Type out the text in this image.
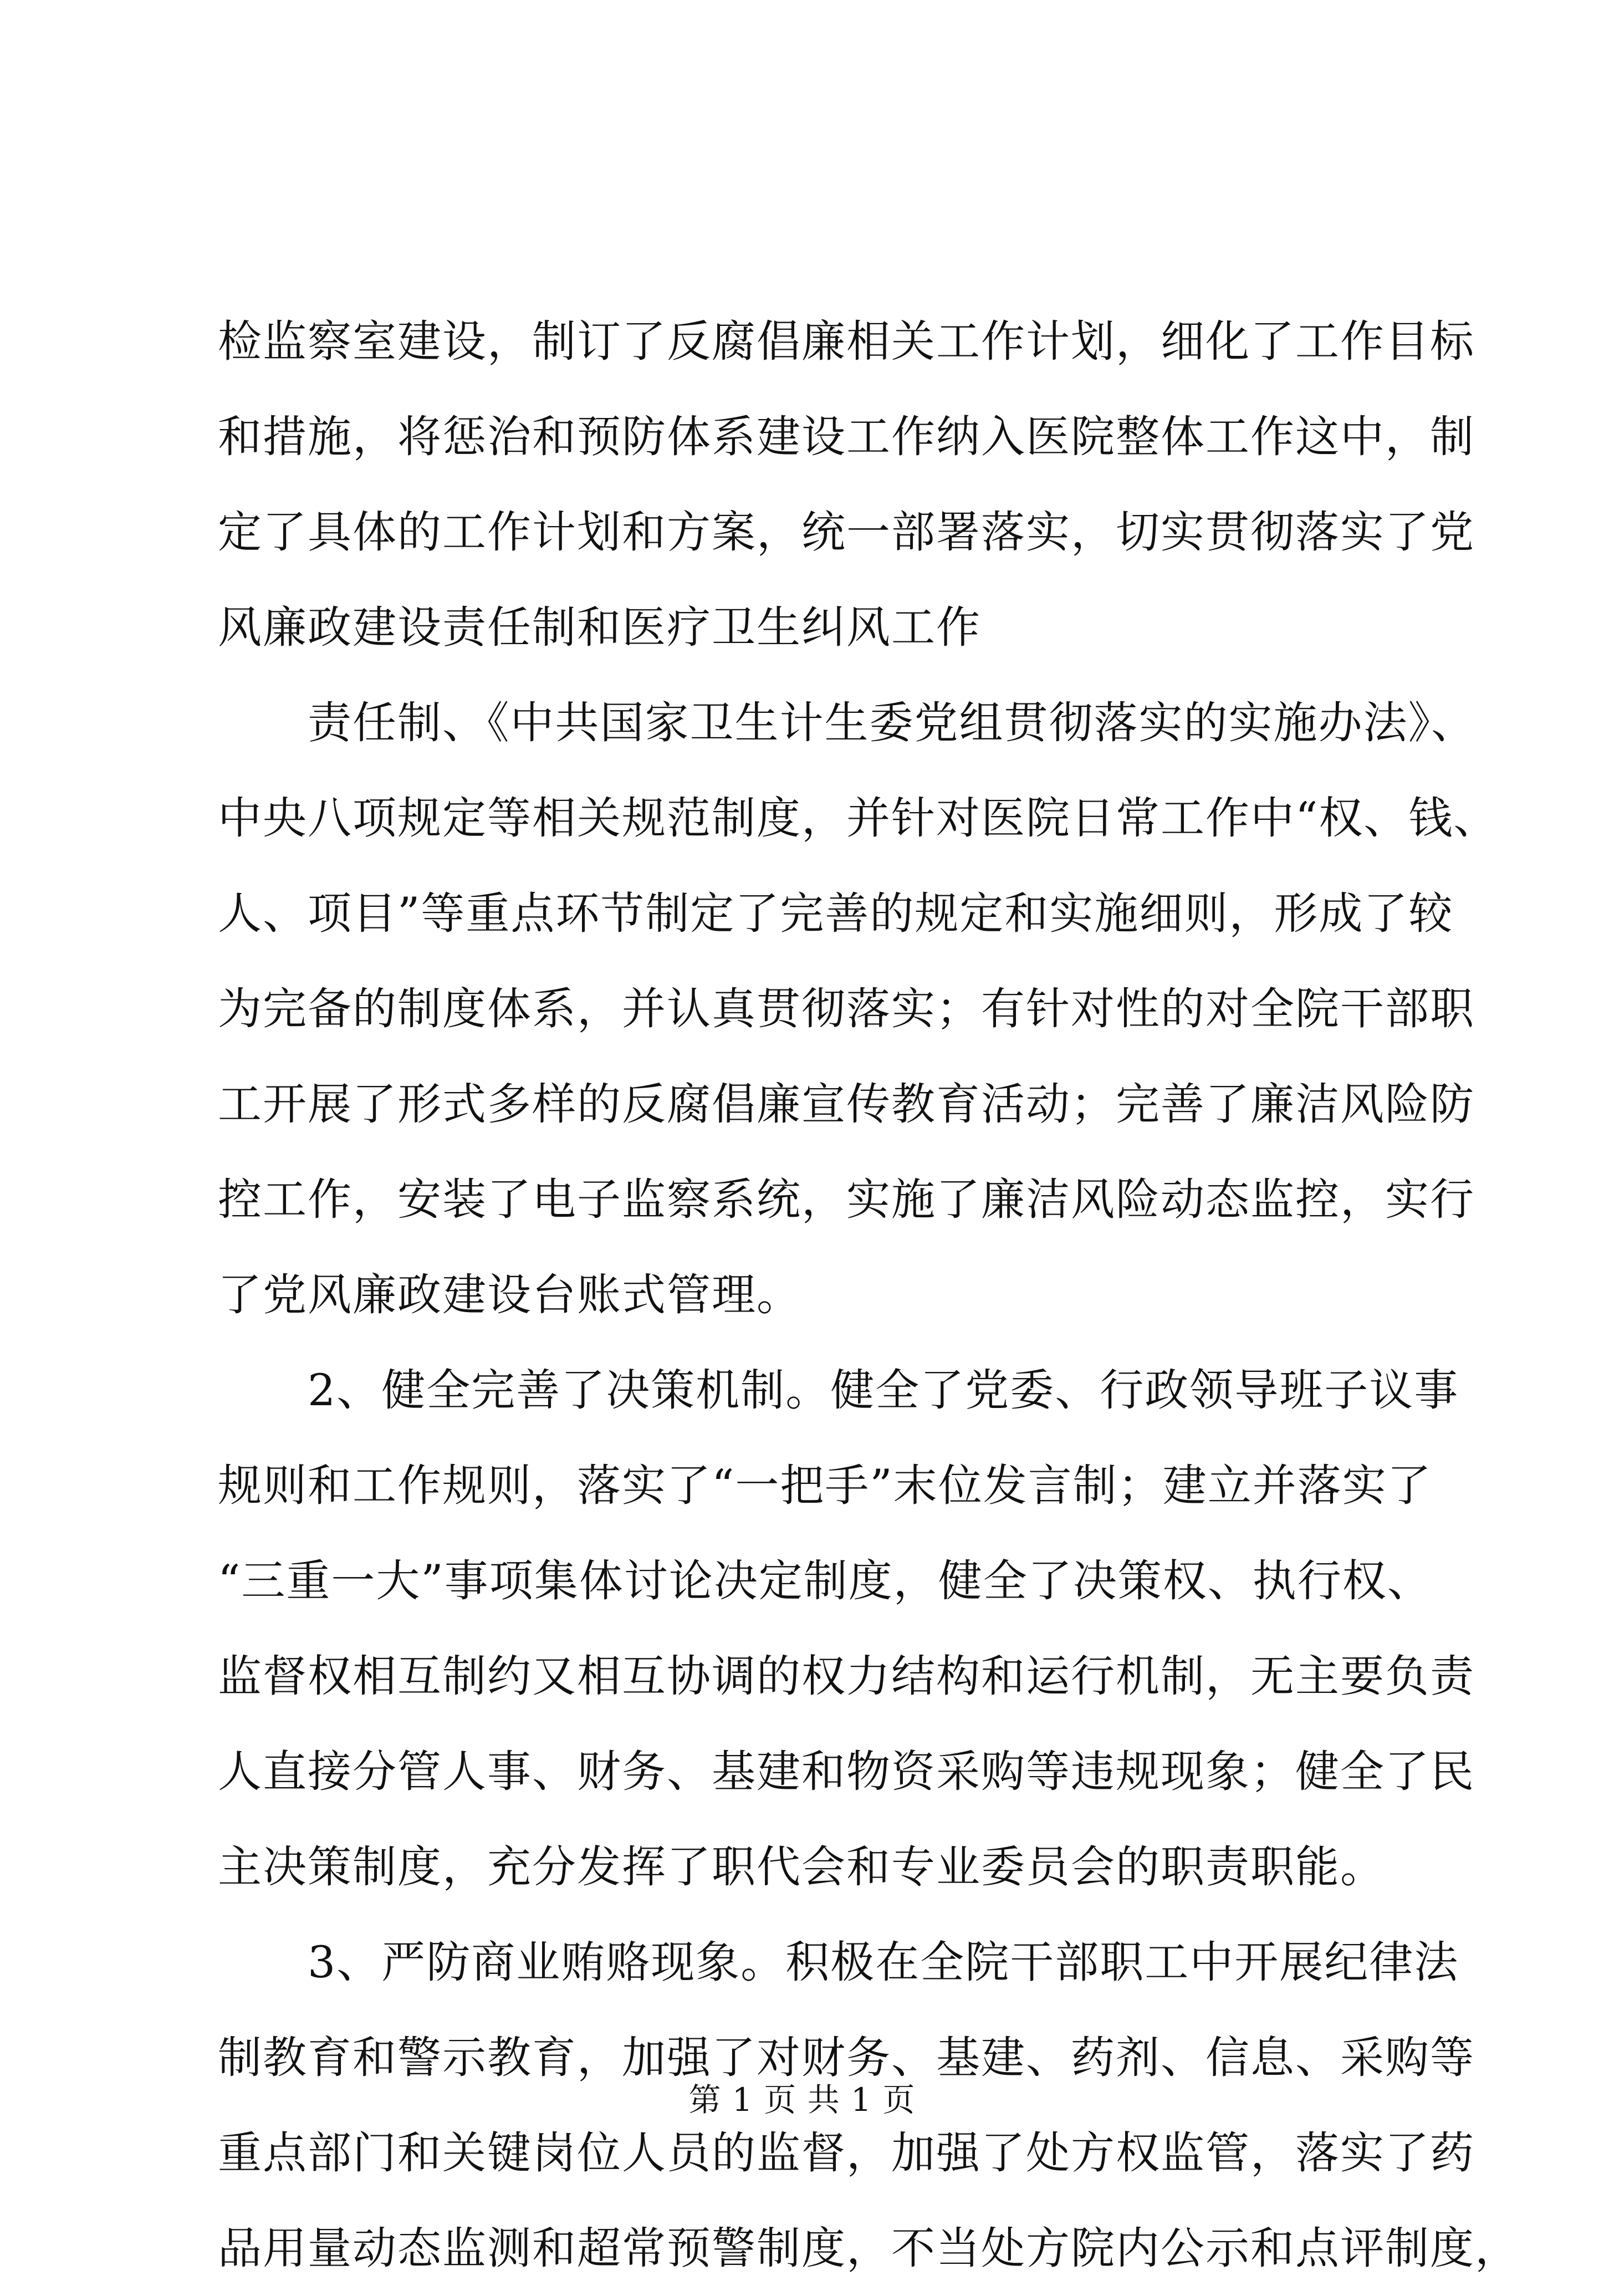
检监察室建设，制订了反腐倡廉相关工作计划，细化了工作目标
和措施，将惩治和预防体系建设工作纳入医院整体工作这中，制
定了具体的工作计划和方案，统一部署落实，切实贯彻落实了党
风廉政建设责任制和医疗卫生纠风工作
　　责任制、《中共国家卫生计生委党组贯彻落实的实施办法》、
中央八项规定等相关规范制度，并针对医院日常工作中“权、钱、
人、项目”等重点环节制定了完善的规定和实施细则，形成了较
为完备的制度体系，并认真贯彻落实；有针对性的对全院干部职
工开展了形式多样的反腐倡廉宣传教育活动；完善了廉洁风险防
控工作，安装了电子监察系统，实施了廉洁风险动态监控，实行
了党风廉政建设台账式管理。
　　2、健全完善了决策机制。健全了党委、行政领导班子议事
规则和工作规则，落实了“一把手”末位发言制；建立并落实了
“三重一大”事项集体讨论决定制度，健全了决策权、执行权、
监督权相互制约又相互协调的权力结构和运行机制，无主要负责
人直接分管人事、财务、基建和物资采购等违规现象；健全了民
主决策制度，充分发挥了职代会和专业委员会的职责职能。
　　3、严防商业贿赂现象。积极在全院干部职工中开展纪律法
制教育和警示教育，加强了对财务、基建、药剂、信息、采购等
重点部门和关键岗位人员的监督，加强了处方权监管，落实了药
品用量动态监测和超常预警制度，不当处方院内公示和点评制度，
第 1 页 共 1 页
